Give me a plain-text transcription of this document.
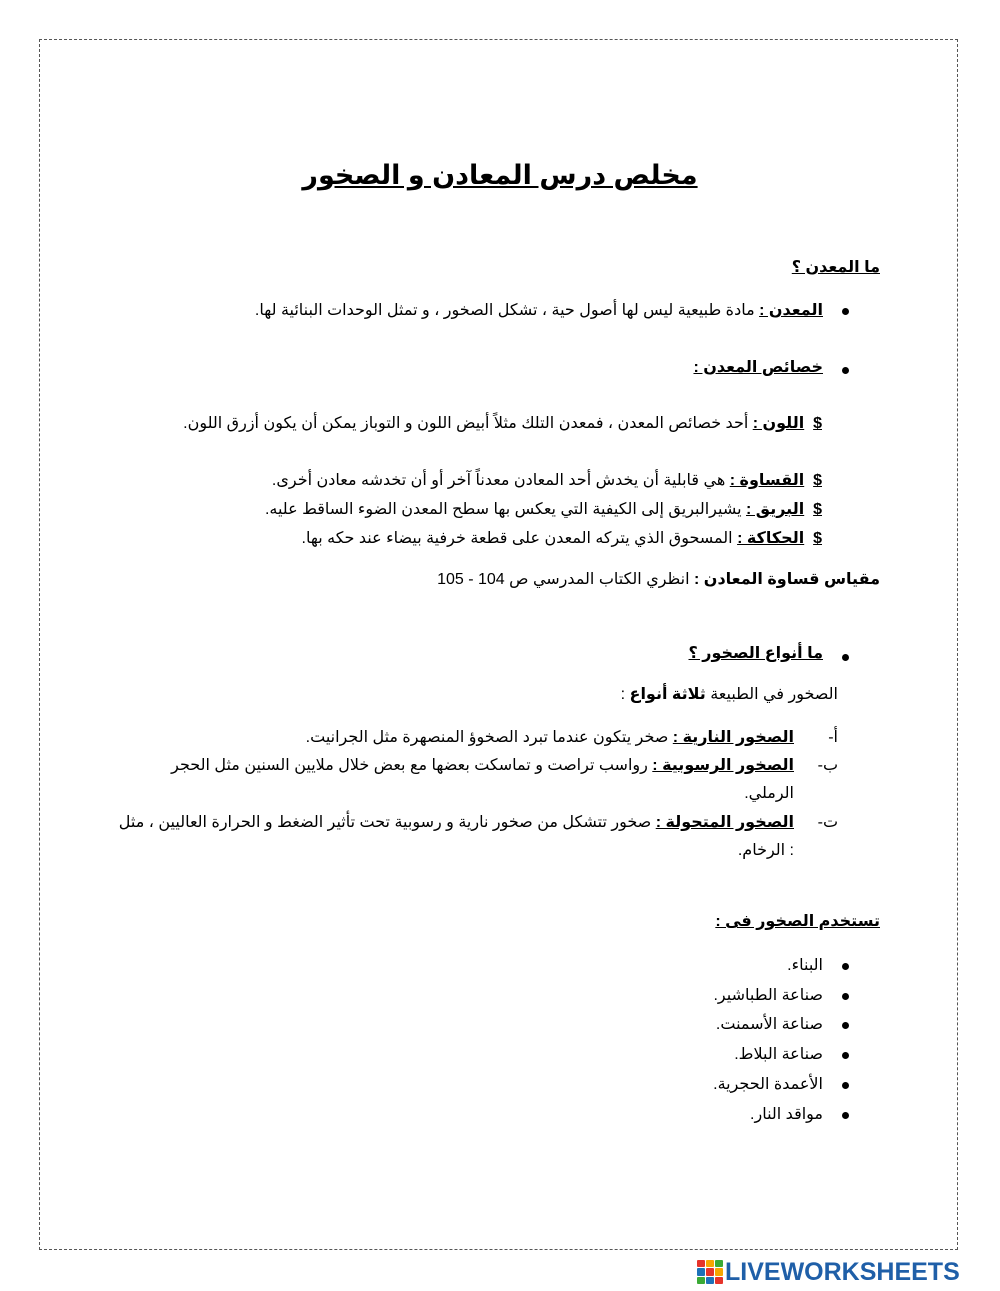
مخلص درس المعادن و الصخور
ما المعدن ؟
المعدن : مادة طبيعية ليس لها أصول حية ، تشكل الصخور ، و تمثل الوحدات البنائية لها.
خصائص المعدن :
$  اللون : أحد خصائص المعدن ، فمعدن التلك مثلاً أبيض اللون و التوباز يمكن أن يكون أزرق اللون.
$  القساوة : هي قابلية أن يخدش أحد المعادن معدناً آخر أو أن تخدشه معادن أخرى.
$  البريق : يشيرالبريق إلى الكيفية التي يعكس بها سطح المعدن الضوء الساقط عليه.
$  الحكاكة : المسحوق الذي يتركه المعدن على قطعة خرفية بيضاء عند حكه بها.
مقياس قساوة المعادن : انظري الكتاب المدرسي ص 104 - 105
ما أنواع الصخور ؟
الصخور في الطبيعة ثلاثة أنواع :
أ-
الصخور النارية : صخر يتكون عندما تبرد الصخوؤ المنصهرة مثل الجرانيت.
ب-
الصخور الرسوبية : رواسب تراصت و تماسكت بعضها مع بعض خلال ملايين السنين مثل الحجر الرملي.
ت-
الصخور المتحولة : صخور تتشكل من صخور نارية و رسوبية تحت تأثير الضغط و الحرارة العاليين ، مثل : الرخام.
تستخدم الصخور فى :
البناء.
صناعة الطباشير.
صناعة الأسمنت.
صناعة البلاط.
الأعمدة الحجرية.
مواقد النار.
LIVEWORKSHEETS
